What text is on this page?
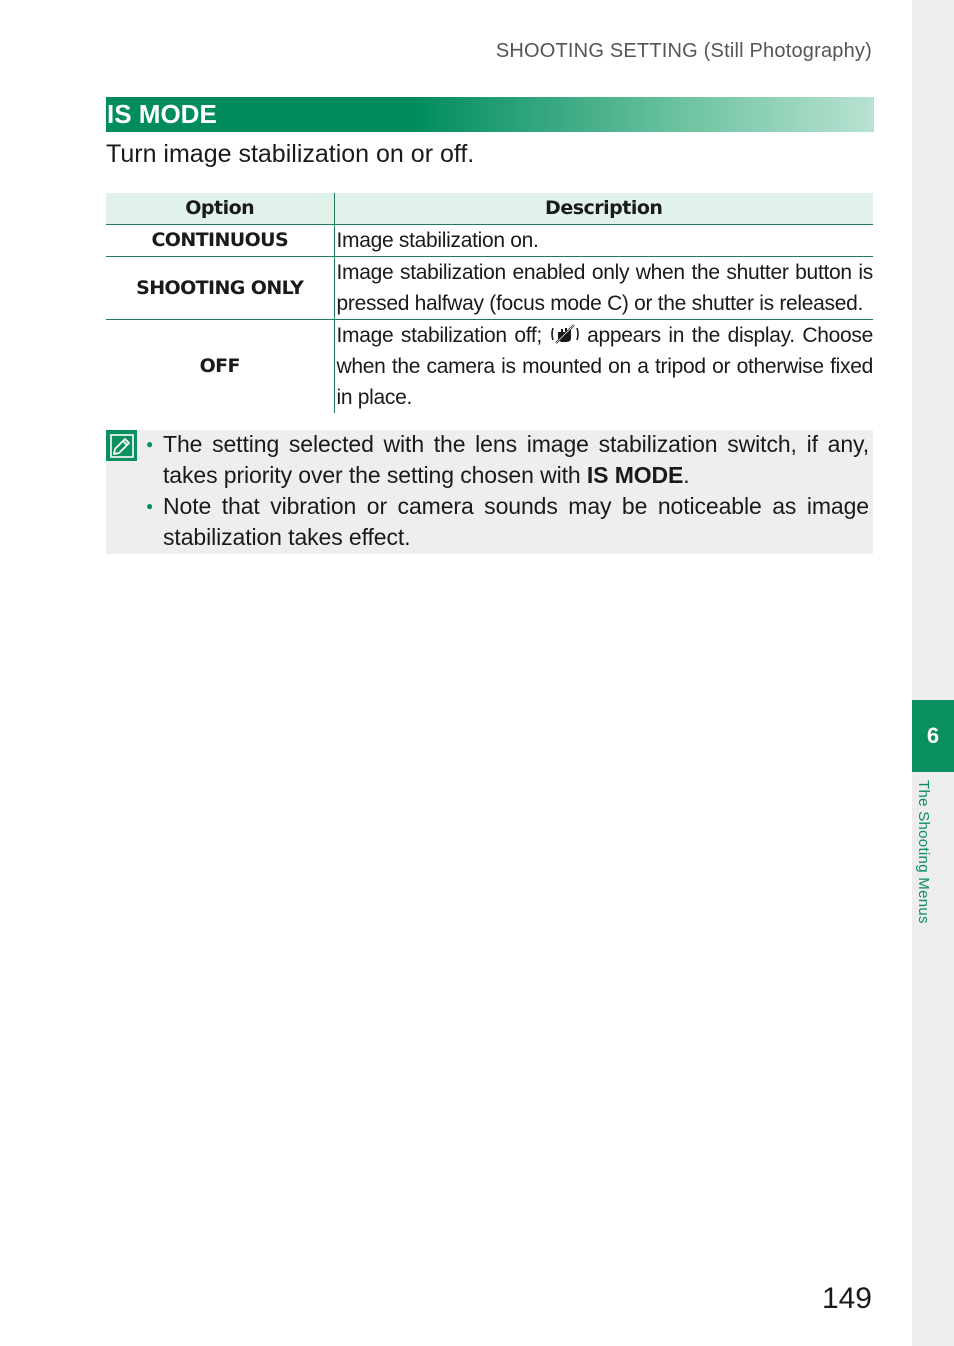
SHOOTING SETTING (Still Photography)
6
The Shooting Menus
IS MODE
Turn image stabilization on or off.
Option	Description
CONTINUOUS	Image stabilization on.
SHOOTING ONLY	Image stabilization enabled only when the shutter button is pressed halfway (focus mode C) or the shutter is released.
OFF	Image stabilization off;  appears in the display. Choose when the camera is mounted on a tripod or otherwise fixed in place.
● The setting selected with the lens image stabilization switch, if any, takes priority over the setting chosen with IS MODE.
● Note that vibration or camera sounds may be noticeable as image stabilization takes effect.
149
